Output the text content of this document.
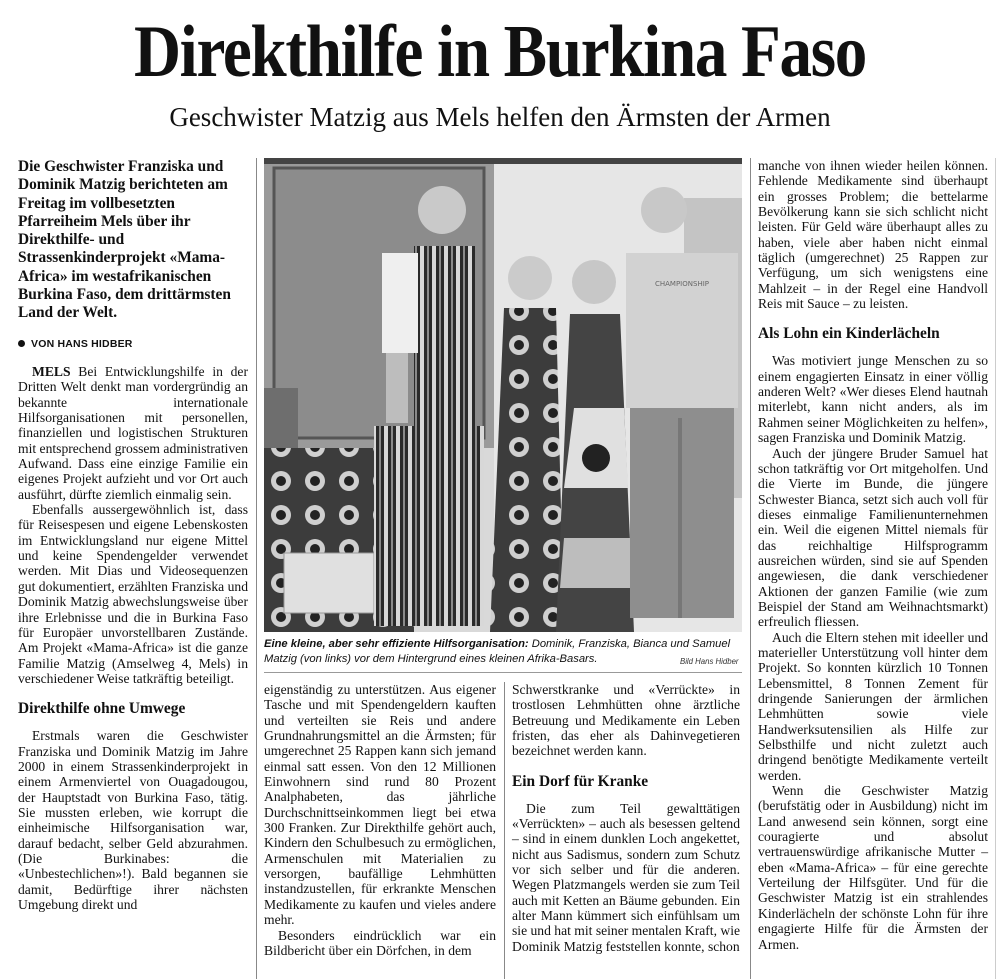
Direkthilfe in Burkina Faso
Geschwister Matzig aus Mels helfen den Ärmsten der Armen
Die Geschwister Franziska und Dominik Matzig berichteten am Freitag im vollbesetzten Pfarreiheim Mels über ihr Direkthilfe- und Strassenkinderprojekt «Mama-Africa» im westafrikanischen Burkina Faso, dem drittärmsten Land der Welt.
VON HANS HIDBER

MELS Bei Entwicklungshilfe in der Dritten Welt denkt man vordergründig an bekannte internationale Hilfsorganisationen mit personellen, finanziellen und logistischen Strukturen mit entsprechend grossem administrativen Aufwand. Dass eine einzige Familie ein eigenes Projekt aufzieht und vor Ort auch ausführt, dürfte ziemlich einmalig sein.

Ebenfalls aussergewöhnlich ist, dass für Reisespesen und eigene Lebenskosten im Entwicklungsland nur eigene Mittel und keine Spendengelder verwendet werden. Mit Dias und Videosequenzen gut dokumentiert, erzählten Franziska und Dominik Matzig abwechslungsweise über ihre Erlebnisse und die in Burkina Faso für Europäer unvorstellbaren Zustände. Am Projekt «Mama-Africa» ist die ganze Familie Matzig (Amselweg 4, Mels) in verschiedener Weise tatkräftig beteiligt.

Direkthilfe ohne Umwege

Erstmals waren die Geschwister Franziska und Dominik Matzig im Jahre 2000 in einem Strassenkinderprojekt in einem Armenviertel von Ouagadougou, der Hauptstadt von Burkina Faso, tätig. Sie mussten erleben, wie korrupt die einheimische Hilfsorganisation war, darauf bedacht, selber Geld abzurahmen. (Die Burkinabes: die «Unbestechlichen»!). Bald begannen sie damit, Bedürftige ihrer nächsten Umgebung direkt und

CHAMPIONSHIP
Eine kleine, aber sehr effiziente Hilfsorganisation: Dominik, Franziska, Bianca und Samuel Matzig (von links) vor dem Hintergrund eines kleinen Afrika-Basars.	Bild Hans Hidber

eigenständig zu unterstützen. Aus eigener Tasche und mit Spendengeldern kauften und verteilten sie Reis und andere Grundnahrungsmittel an die Ärmsten; für umgerechnet 25 Rappen kann sich jemand einmal satt essen. Von den 12 Millionen Einwohnern sind rund 80 Prozent Analphabeten, das jährliche Durchschnittseinkommen liegt bei etwa 300 Franken. Zur Direkthilfe gehört auch, Kindern den Schulbesuch zu ermöglichen, Armenschulen mit Materialien zu versorgen, baufällige Lehmhütten instandzustellen, für erkrankte Menschen Medikamente zu kaufen und vieles andere mehr.

Besonders eindrücklich war ein Bildbericht über ein Dörfchen, in dem

Schwerstkranke und «Verrückte» in trostlosen Lehmhütten ohne ärztliche Betreuung und Medikamente ein Leben fristen, das eher als Dahinvegetieren bezeichnet werden kann.

Ein Dorf für Kranke

Die zum Teil gewalttätigen «Verrückten» – auch als besessen geltend – sind in einem dunklen Loch angekettet, nicht aus Sadismus, sondern zum Schutz vor sich selber und für die anderen. Wegen Platzmangels werden sie zum Teil auch mit Ketten an Bäume gebunden. Ein alter Mann kümmert sich einfühlsam um sie und hat mit seiner mentalen Kraft, wie Dominik Matzig feststellen konnte, schon

manche von ihnen wieder heilen können. Fehlende Medikamente sind überhaupt ein grosses Problem; die bettelarme Bevölkerung kann sie sich schlicht nicht leisten. Für Geld wäre überhaupt alles zu haben, viele aber haben nicht einmal täglich (umgerechnet) 25 Rappen zur Verfügung, um sich wenigstens eine Mahlzeit – in der Regel eine Handvoll Reis mit Sauce – zu leisten.

Als Lohn ein Kinderlächeln

Was motiviert junge Menschen zu so einem engagierten Einsatz in einer völlig anderen Welt? «Wer dieses Elend hautnah miterlebt, kann nicht anders, als im Rahmen seiner Möglichkeiten zu helfen», sagen Franziska und Dominik Matzig.

Auch der jüngere Bruder Samuel hat schon tatkräftig vor Ort mitgeholfen. Und die Vierte im Bunde, die jüngere Schwester Bianca, setzt sich auch voll für dieses einmalige Familienunternehmen ein. Weil die eigenen Mittel niemals für das reichhaltige Hilfsprogramm ausreichen würden, sind sie auf Spenden angewiesen, die dank verschiedener Aktionen der ganzen Familie (wie zum Beispiel der Stand am Weihnachtsmarkt) erfreulich fliessen.

Auch die Eltern stehen mit ideeller und materieller Unterstützung voll hinter dem Projekt. So konnten kürzlich 10 Tonnen Lebensmittel, 8 Tonnen Zement für dringende Sanierungen der ärmlichen Lehmhütten sowie viele Handwerksutensilien als Hilfe zur Selbsthilfe und nicht zuletzt auch dringend benötigte Medikamente verteilt werden.

Wenn die Geschwister Matzig (berufstätig oder in Ausbildung) nicht im Land anwesend sein können, sorgt eine couragierte und absolut vertrauenswürdige afrikanische Mutter – eben «Mama-Africa» – für eine gerechte Verteilung der Hilfsgüter. Und für die Geschwister Matzig ist ein strahlendes Kinderlächeln der schönste Lohn für ihre engagierte Hilfe für die Ärmsten der Armen.
